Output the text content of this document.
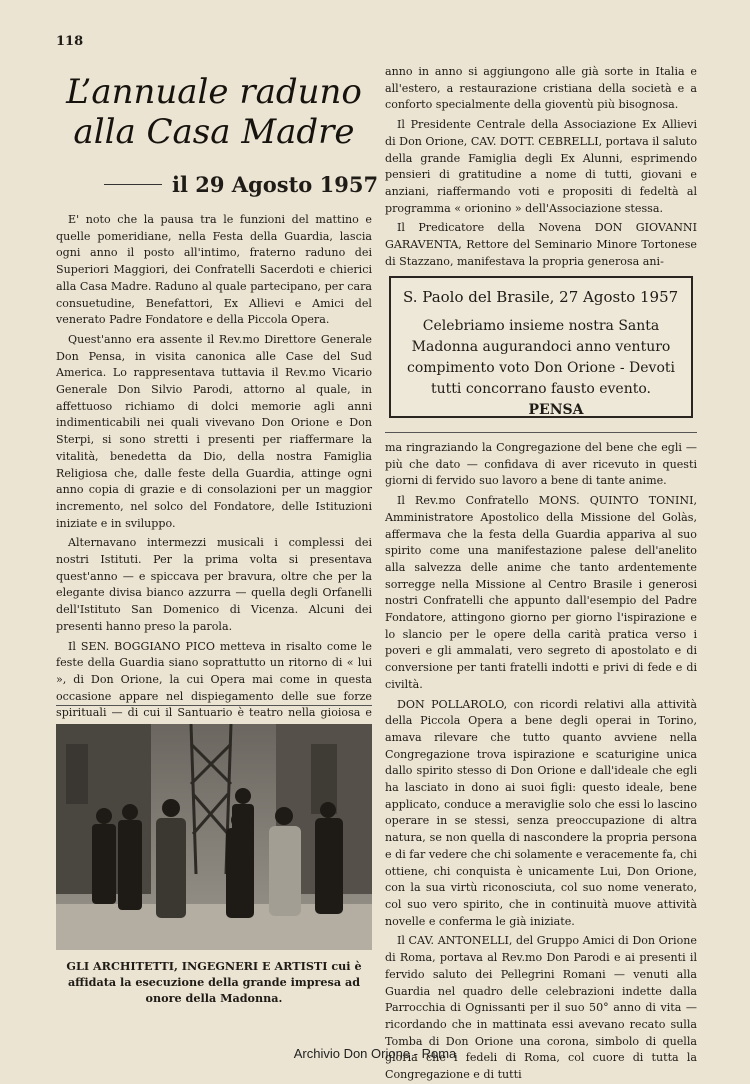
118
L’annuale raduno
alla Casa Madre
il 29 Agosto 1957

E' noto che la pausa tra le funzioni del mattino e quelle pomeridiane, nella Festa della Guardia, lascia ogni anno il posto all'intimo, fraterno raduno dei Superiori Maggiori, dei Confratelli Sacerdoti e chierici alla Casa Madre. Raduno al quale partecipano, per cara consuetudine, Benefattori, Ex Allievi e Amici del venerato Padre Fondatore e della Piccola Opera.

Quest'anno era assente il Rev.mo Direttore Generale Don Pensa, in visita canonica alle Case del Sud America. Lo rappresentava tuttavia il Rev.mo Vicario Generale Don Silvio Parodi, attorno al quale, in affettuoso richiamo di dolci memorie agli anni indimenticabili nei quali vivevano Don Orione e Don Sterpi, si sono stretti i presenti per riaffermare la vitalità, benedetta da Dio, della nostra Famiglia Religiosa che, dalle feste della Guardia, attinge ogni anno copia di grazie e di consolazioni per un maggior incremento, nel solco del Fondatore, delle Istituzioni iniziate e in sviluppo.

Alternavano intermezzi musicali i complessi dei nostri Istituti. Per la prima volta si presentava quest'anno — e spiccava per bravura, oltre che per la elegante divisa bianco azzurra — quella degli Orfanelli dell'Istituto San Domenico di Vicenza. Alcuni dei presenti hanno preso la parola.

Il SEN. BOGGIANO PICO metteva in risalto come le feste della Guardia siano soprattutto un ritorno di « lui », di Don Orione, la cui Opera mai come in questa occasione appare nel dispiegamento delle sue forze spirituali — di cui il Santuario è teatro nella gioiosa e

anno in anno si aggiungono alle già sorte in Italia e all'estero, a restaurazione cristiana della società e a conforto specialmente della gioventù più bisognosa.

Il Presidente Centrale della Associazione Ex Allievi di Don Orione, CAV. DOTT. CEBRELLI, portava il saluto della grande Famiglia degli Ex Alunni, esprimendo pensieri di gratitudine a nome di tutti, giovani e anziani, riaffermando voti e propositi di fedeltà al programma « orionino » dell'Associazione stessa.

Il Predicatore della Novena DON GIOVANNI GARAVENTA, Rettore del Seminario Minore Tortonese di Stazzano, manifestava la propria generosa ani-

S. Paolo del Brasile, 27 Agosto 1957
Celebriamo insieme nostra Santa Madonna augurandoci anno venturo compimento voto Don Orione - Devoti tutti concorrano fausto evento. PENSA

ma ringraziando la Congregazione del bene che egli — più che dato — confidava di aver ricevuto in questi giorni di fervido suo lavoro a bene di tante anime.

Il Rev.mo Confratello MONS. QUINTO TONINI, Amministratore Apostolico della Missione del Golàs, affermava che la festa della Guardia appariva al suo spirito come una manifestazione palese dell'anelito alla salvezza delle anime che tanto ardentemente sorregge nella Missione al Centro Brasile i generosi nostri Confratelli che appunto dall'esempio del Padre Fondatore, attingono giorno per giorno l'ispirazione e lo slancio per le opere della carità pratica verso i poveri e gli ammalati, vero segreto di apostolato e di conversione per tanti fratelli indotti e privi di fede e di civiltà.

DON POLLAROLO, con ricordi relativi alla attività della Piccola Opera a bene degli operai in Torino, amava rilevare che tutto quanto avviene nella Congregazione trova ispirazione e scaturigine unica dallo spirito stesso di Don Orione e dall'ideale che egli ha lasciato in dono ai suoi figli: questo ideale, bene applicato, conduce a meraviglie solo che essi lo lascino operare in se stessi, senza preoccupazione di altra natura, se non quella di nascondere la propria persona e di far vedere che chi solamente e veracemente fa, chi ottiene, chi conquista è unicamente Lui, Don Orione, con la sua virtù riconosciuta, col suo nome venerato, col suo vero spirito, che in continuità muove attività novelle e conferma le già iniziate.

Il CAV. ANTONELLI, del Gruppo Amici di Don Orione di Roma, portava al Rev.mo Don Parodi e ai presenti il fervido saluto dei Pellegrini Romani — venuti alla Guardia nel quadro delle celebrazioni indette dalla Parrocchia di Ognissanti per il suo 50° anno di vita — ricordando che in mattinata essi avevano recato sulla Tomba di Don Orione una corona, simbolo di quella gloria che i fedeli di Roma, col cuore di tutta la Congregazione e di tutti

GLI ARCHITETTI, INGEGNERI E ARTISTI cui è affidata la esecuzione della grande impresa ad onore della Madonna.
Archivio Don Orione - Roma
